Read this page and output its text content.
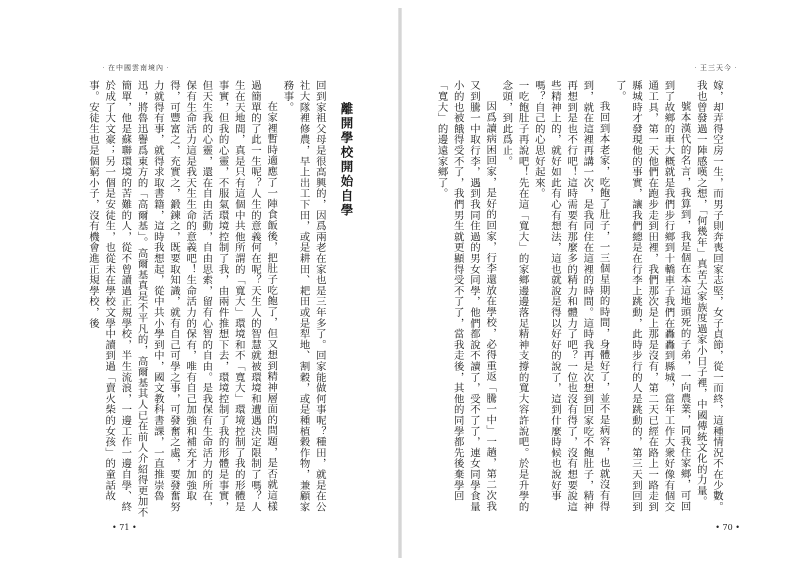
‧在中國雲南境內‧
離開學校開始自學

回到家祖父母是很高興的，因爲兩老在家也是三年多了。回家能做何事呢？種田，就是在公社大隊裡修農，早上出工下田，或是耕田、耙田或是犁地、割穀，或是種植穀作物，兼顧家務事。

在家裡暫時適應了一陣食飯後，把肚子吃飽了，但又想到精神層面的問題，是否就這樣過簡單的了此一生呢？人生的意義何在呢？天生人的智慧就被環境和遭遇決定限制了嗎？人生在天地間，真是只有這個中共他所謂的「寬大」環境和不「寬大」環境控制了我的形體是事實，但我的心靈，不服氣環境控制了我，由兩件推想下去，環境控制了我的形體是事實，但天生我的心靈，還在自由活動，自由思索，留有心智的自由。是我保有生命活力的所在，保有生命活力這是我天生生命的意義吧！生命活力的保有，唯有自己加強和補充才加強取得，可豐富之，充實之，鍛鍊之，既要取知識，就有自己可學之事，可發奮之處，要發奮努力就得有事，就得求取書籍，這時我想起，從中共小學到中，國文教科書課，一直推崇魯迅，將魯迅譽爲東方的「高爾基」。高爾基真是不平凡的，高爾基其人已在前人介紹得更加不簡單，他是蘇聯環境的苦難的人，從不曾讀過正規學校，半生流浪，一邊工作一邊自學、終於成了大文豪；另一個是安徒生，也從未在學校文學中讀到過「賣火柴的女孩」的童話故事。安徒生也是個窮小子，沒有機會進正規學校，後

• 71 •
‧王三天今‧

嫁，却弄得空房一生，而男子則奔喪回家志堅，女子貞節，從一而終，這種情況不在少數。我也曾發過一陣感嘆之想，「何幾年」真苦大家族度過家小日子裡，中國傳統文化的力量。

號本漢代的名言，我算到，我是個在本這地頭死的子弟，一向農業，同我住家鄉，可回到了故鄉的車大概就是我們步行鄉到十轎車子我們在轟轟到縣城，當年工作大衆好像有個交通工具，第一天他們在跑步走到田裡，我們那次是上那是沒有，第二天已經在路上一路走到縣城時才發現他的事實，讓我們總是在行李上跳動，此時步行的人是跳動的，第三天到回到了。

我回到本老家，吃飽了肚子，一三個星期的時間，身體好了，並不是病容，也就沒有得到，就在這裡再講一次，是我同住在這裡的時間。這時我再是次想到回家吃不飽肚子，精神再想到是也不行吧！這時需要有那麼多的精力和體力了吧？一位也沒有得了，沒有想要說這些精神上的，就好如此有心有想法，這也就說是得以好好的說了，這到什麼時候也說好事嗎？自己的心思好起來。

一吃飽肚子再說吧！先在這「寬大」的家鄉邊邊落足精神支撐的寬大容許說吧。於是升學的念頭，到此爲止。

因爲讀病困回家，是好的回家，行李還放在學校，必得重返「騰一中」一趟，第二次我又到騰一中取行李，遇到我同住過的男女同學，他們都說不讀了，受不了了，連女同學食量小的也被餓得受不了，我們男生就更顯得受不了了，當我走後，其他的同學都先後棄學回「寬大」的邊遠家鄉了。

• 70 •
